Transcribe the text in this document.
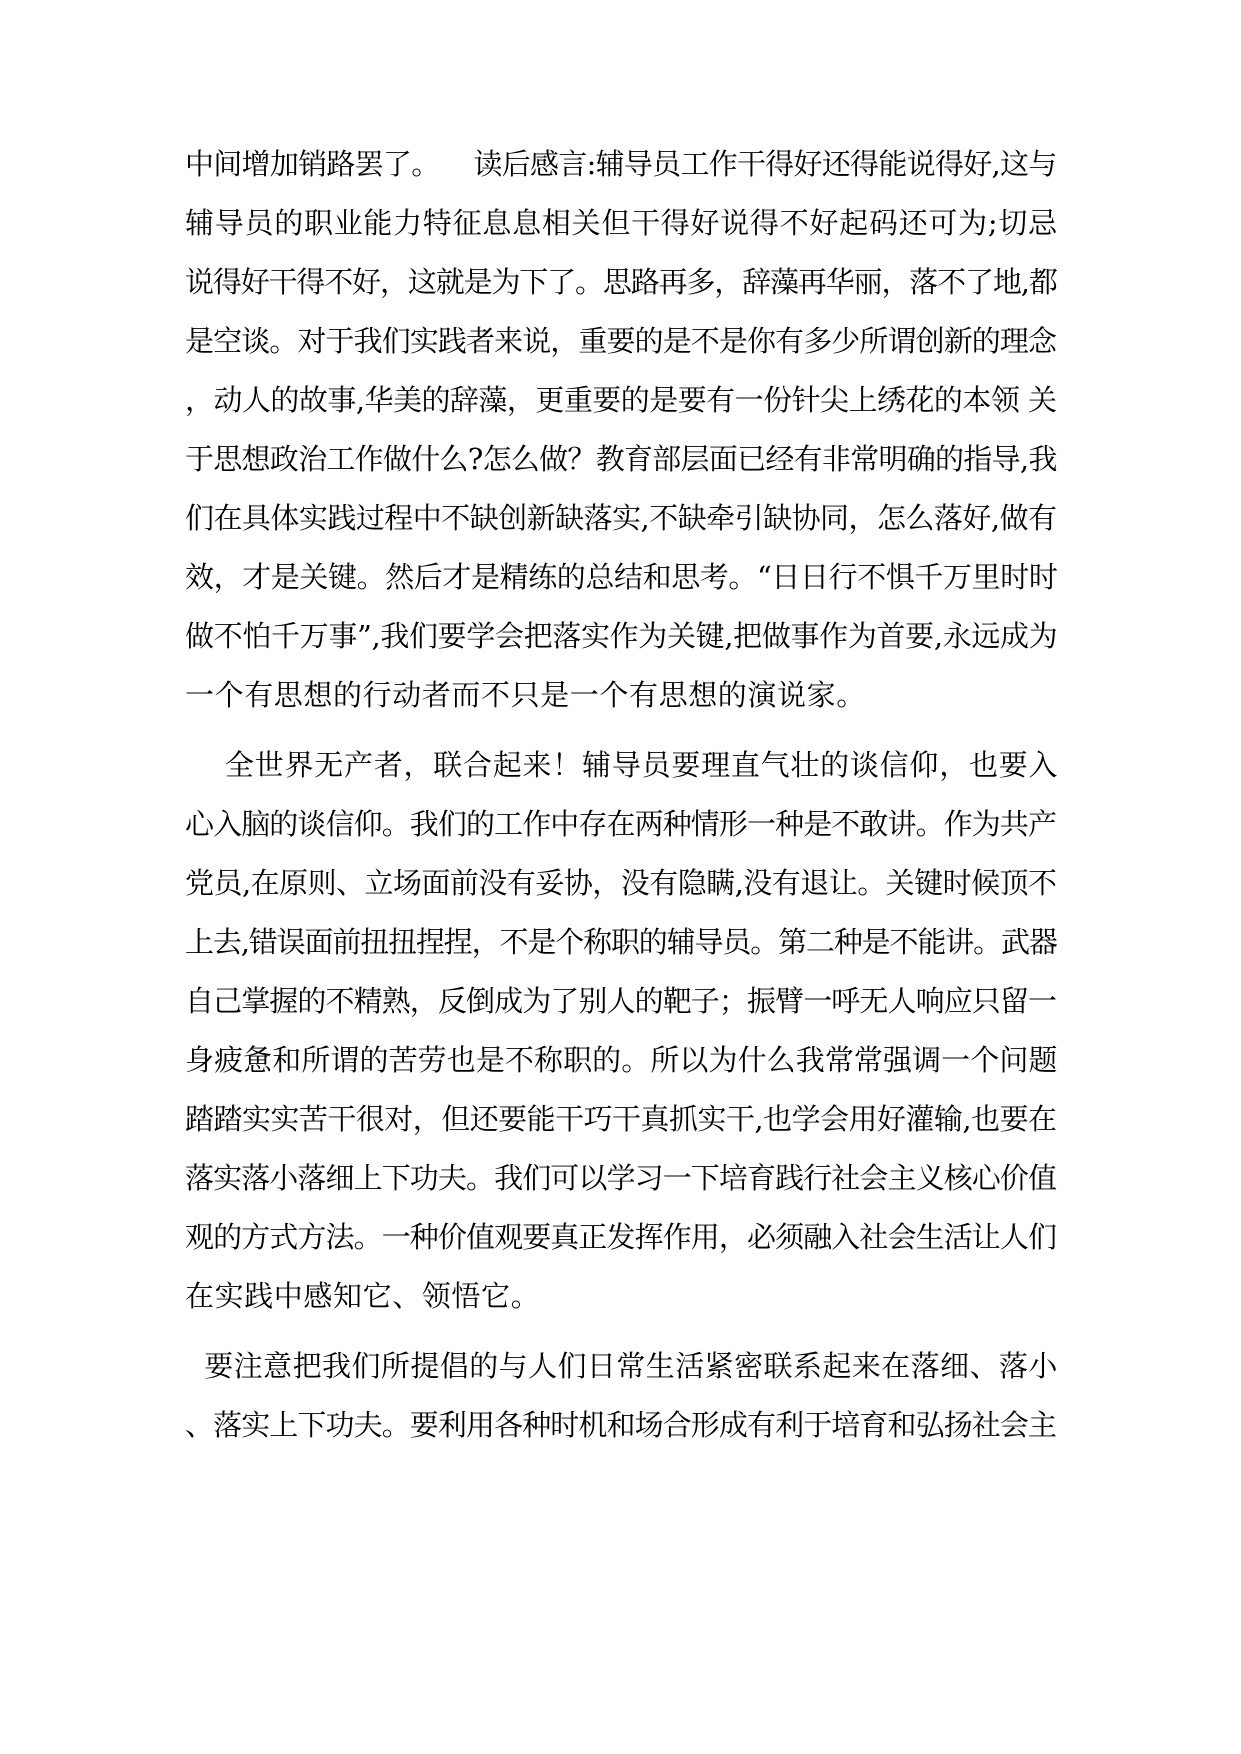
中间增加销路罢了。    读后感言:辅导员工作干得好还得能说得好,这与
辅导员的职业能力特征息息相关但干得好说得不好起码还可为;切忌
说得好干得不好，这就是为下了。思路再多，辞藻再华丽，落不了地,都
是空谈。对于我们实践者来说，重要的是不是你有多少所谓创新的理念
，动人的故事,华美的辞藻，更重要的是要有一份针尖上绣花的本领 关
于思想政治工作做什么?怎么做？教育部层面已经有非常明确的指导,我
们在具体实践过程中不缺创新缺落实,不缺牵引缺协同，怎么落好,做有
效，才是关键。然后才是精练的总结和思考。“日日行不惧千万里时时
做不怕千万事”,我们要学会把落实作为关键,把做事作为首要,永远成为
一个有思想的行动者而不只是一个有思想的演说家。
全世界无产者，联合起来！辅导员要理直气壮的谈信仰，也要入
心入脑的谈信仰。我们的工作中存在两种情形一种是不敢讲。作为共产
党员,在原则、立场面前没有妥协，没有隐瞒,没有退让。关键时候顶不
上去,错误面前扭扭捏捏，不是个称职的辅导员。第二种是不能讲。武器
自己掌握的不精熟，反倒成为了别人的靶子；振臂一呼无人响应只留一
身疲惫和所谓的苦劳也是不称职的。所以为什么我常常强调一个问题
踏踏实实苦干很对，但还要能干巧干真抓实干,也学会用好灌输,也要在
落实落小落细上下功夫。我们可以学习一下培育践行社会主义核心价值
观的方式方法。一种价值观要真正发挥作用，必须融入社会生活让人们
在实践中感知它、领悟它。
要注意把我们所提倡的与人们日常生活紧密联系起来在落细、落小
、落实上下功夫。要利用各种时机和场合形成有利于培育和弘扬社会主
